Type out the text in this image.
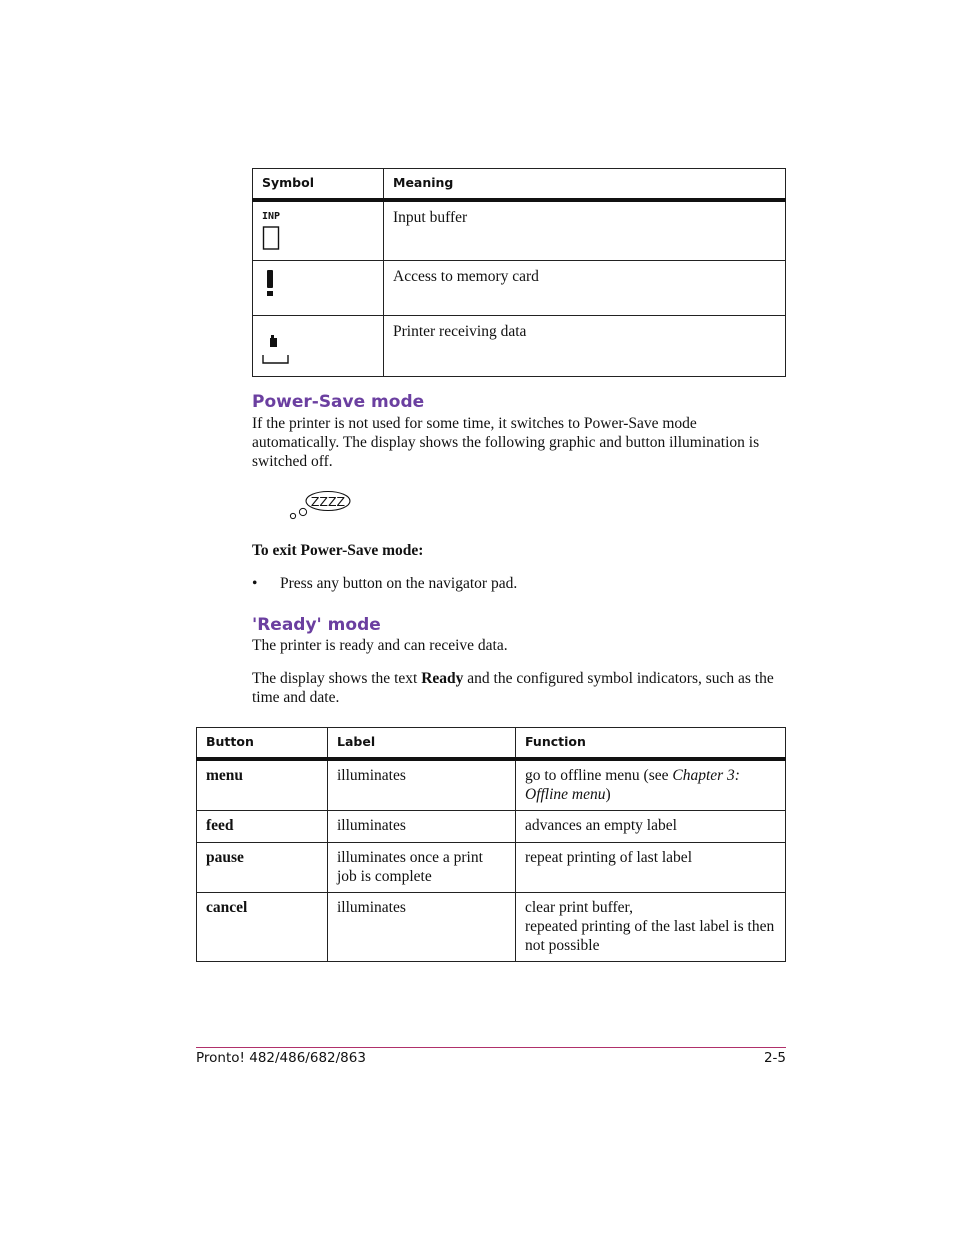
Symbol	Meaning

INP	Input buffer
	Access to memory card
	Printer receiving data
Power-Save mode

If the printer is not used for some time, it switches to Power-Save mode automatically. The display shows the following graphic and button illumination is switched off.

ZZZZ

To exit Power-Save mode:

• Press any button on the navigator pad.
'Ready' mode

The printer is ready and can receive data.

The display shows the text Ready and the configured symbol indicators, such as the time and date.

Button	Label	Function
menu	illuminates	go to offline menu (see Chapter 3: Offline menu)
feed	illuminates	advances an empty label
pause	illuminates once a print job is complete	repeat printing of last label
cancel	illuminates	clear print buffer,
repeated printing of the last label is then not possible
Pronto! 482/486/682/863	2-5
